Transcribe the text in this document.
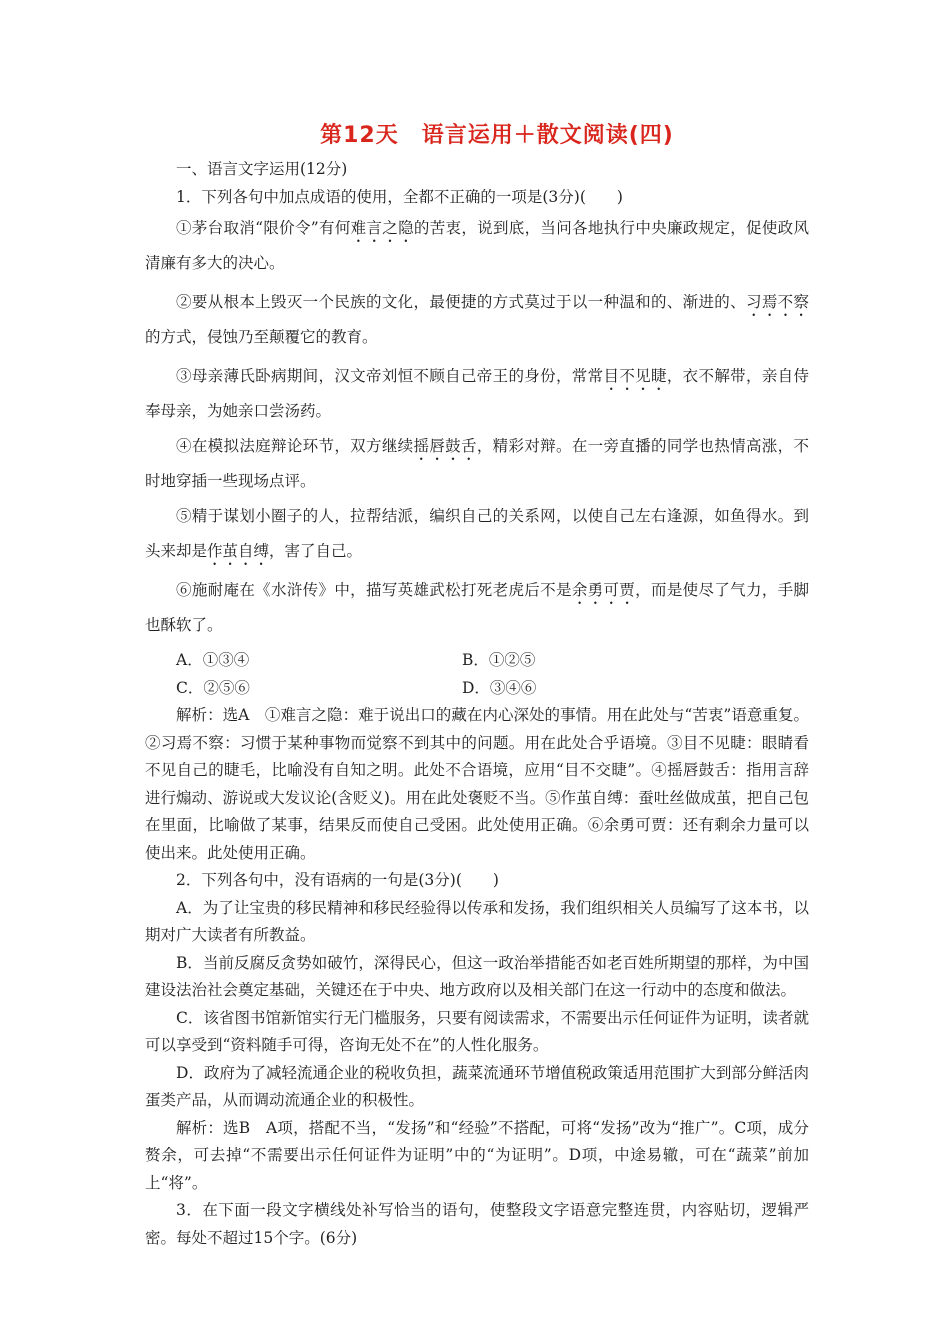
第12天　语言运用＋散文阅读(四)

一、语言文字运用(12分)

1．下列各句中加点成语的使用，全都不正确的一项是(3分)(　　)

①茅台取消“限价令”有何难言之隐的苦衷，说到底，当问各地执行中央廉政规定，促使政风清廉有多大的决心。

②要从根本上毁灭一个民族的文化，最便捷的方式莫过于以一种温和的、渐进的、习焉不察的方式，侵蚀乃至颠覆它的教育。

③母亲薄氏卧病期间，汉文帝刘恒不顾自己帝王的身份，常常目不见睫，衣不解带，亲自侍奉母亲，为她亲口尝汤药。

④在模拟法庭辩论环节，双方继续摇唇鼓舌，精彩对辩。在一旁直播的同学也热情高涨，不时地穿插一些现场点评。

⑤精于谋划小圈子的人，拉帮结派，编织自己的关系网，以使自己左右逢源，如鱼得水。到头来却是作茧自缚，害了自己。

⑥施耐庵在《水浒传》中，描写英雄武松打死老虎后不是余勇可贾，而是使尽了气力，手脚也酥软了。

A．①③④	B．①②⑤
C．②⑤⑥	D．③④⑥

解析：选A　①难言之隐：难于说出口的藏在内心深处的事情。用在此处与“苦衷”语意重复。②习焉不察：习惯于某种事物而觉察不到其中的问题。用在此处合乎语境。③目不见睫：眼睛看不见自己的睫毛，比喻没有自知之明。此处不合语境，应用“目不交睫”。④摇唇鼓舌：指用言辞进行煽动、游说或大发议论(含贬义)。用在此处褒贬不当。⑤作茧自缚：蚕吐丝做成茧，把自己包在里面，比喻做了某事，结果反而使自己受困。此处使用正确。⑥余勇可贾：还有剩余力量可以使出来。此处使用正确。

2．下列各句中，没有语病的一句是(3分)(　　)

A．为了让宝贵的移民精神和移民经验得以传承和发扬，我们组织相关人员编写了这本书，以期对广大读者有所教益。

B．当前反腐反贪势如破竹，深得民心，但这一政治举措能否如老百姓所期望的那样，为中国建设法治社会奠定基础，关键还在于中央、地方政府以及相关部门在这一行动中的态度和做法。

C．该省图书馆新馆实行无门槛服务，只要有阅读需求，不需要出示任何证件为证明，读者就可以享受到“资料随手可得，咨询无处不在”的人性化服务。

D．政府为了减轻流通企业的税收负担，蔬菜流通环节增值税政策适用范围扩大到部分鲜活肉蛋类产品，从而调动流通企业的积极性。

解析：选B　A项，搭配不当，“发扬”和“经验”不搭配，可将“发扬”改为“推广”。C项，成分赘余，可去掉“不需要出示任何证件为证明”中的“为证明”。D项，中途易辙，可在“蔬菜”前加上“将”。

3．在下面一段文字横线处补写恰当的语句，使整段文字语意完整连贯，内容贴切，逻辑严密。每处不超过15个字。(6分)
